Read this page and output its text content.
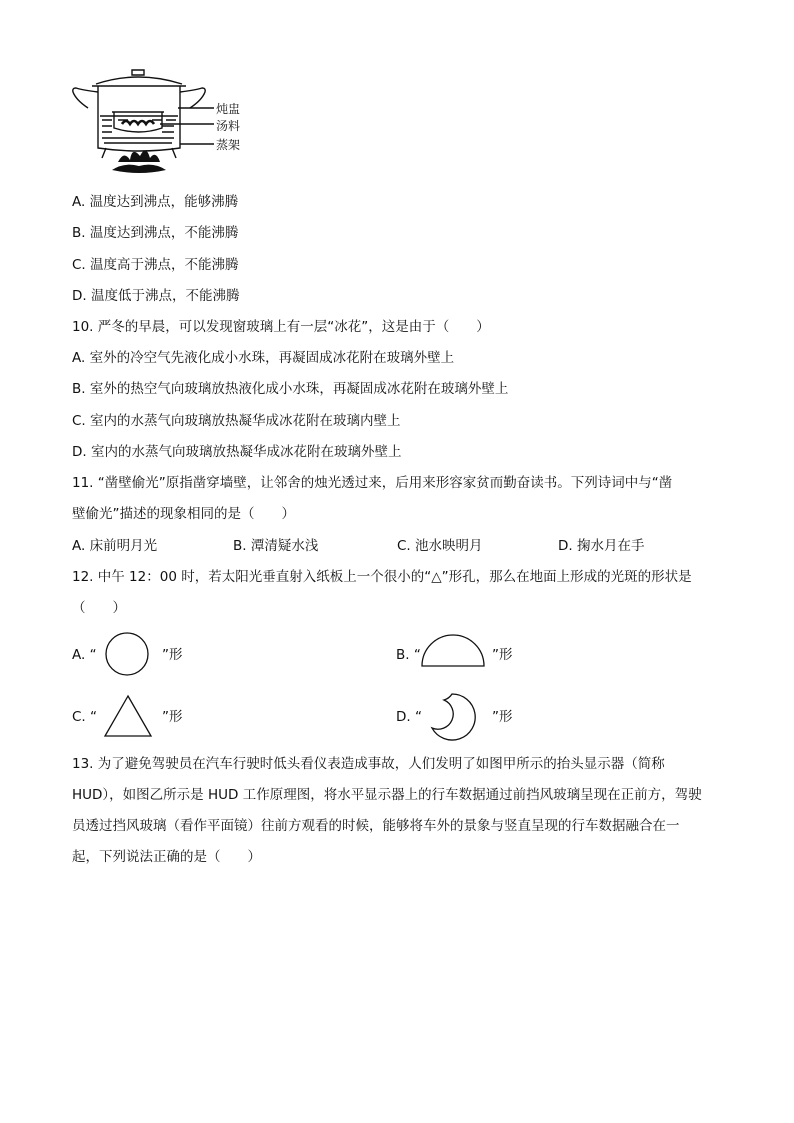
炖盅
汤料
蒸架
A. 温度达到沸点，能够沸腾
B. 温度达到沸点，不能沸腾
C. 温度高于沸点，不能沸腾
D. 温度低于沸点，不能沸腾
10. 严冬的早晨，可以发现窗玻璃上有一层“冰花”，这是由于（　　）
A. 室外的冷空气先液化成小水珠，再凝固成冰花附在玻璃外壁上
B. 室外的热空气向玻璃放热液化成小水珠，再凝固成冰花附在玻璃外壁上
C. 室内的水蒸气向玻璃放热凝华成冰花附在玻璃内壁上
D. 室内的水蒸气向玻璃放热凝华成冰花附在玻璃外壁上
11. “凿壁偷光”原指凿穿墙壁，让邻舍的烛光透过来，后用来形容家贫而勤奋读书。下列诗词中与“凿
壁偷光”描述的现象相同的是（　　）
A. 床前明月光	B. 潭清疑水浅	C. 池水映明月	D. 掬水月在手
12. 中午 12：00 时，若太阳光垂直射入纸板上一个很小的“△”形孔，那么在地面上形成的光斑的形状是
（　　）
A. “	”形	B. “	”形
C. “	”形	D. “	”形
13. 为了避免驾驶员在汽车行驶时低头看仪表造成事故，人们发明了如图甲所示的抬头显示器（简称
HUD），如图乙所示是 HUD 工作原理图，将水平显示器上的行车数据通过前挡风玻璃呈现在正前方，驾驶
员透过挡风玻璃（看作平面镜）往前方观看的时候，能够将车外的景象与竖直呈现的行车数据融合在一
起，下列说法正确的是（　　）
